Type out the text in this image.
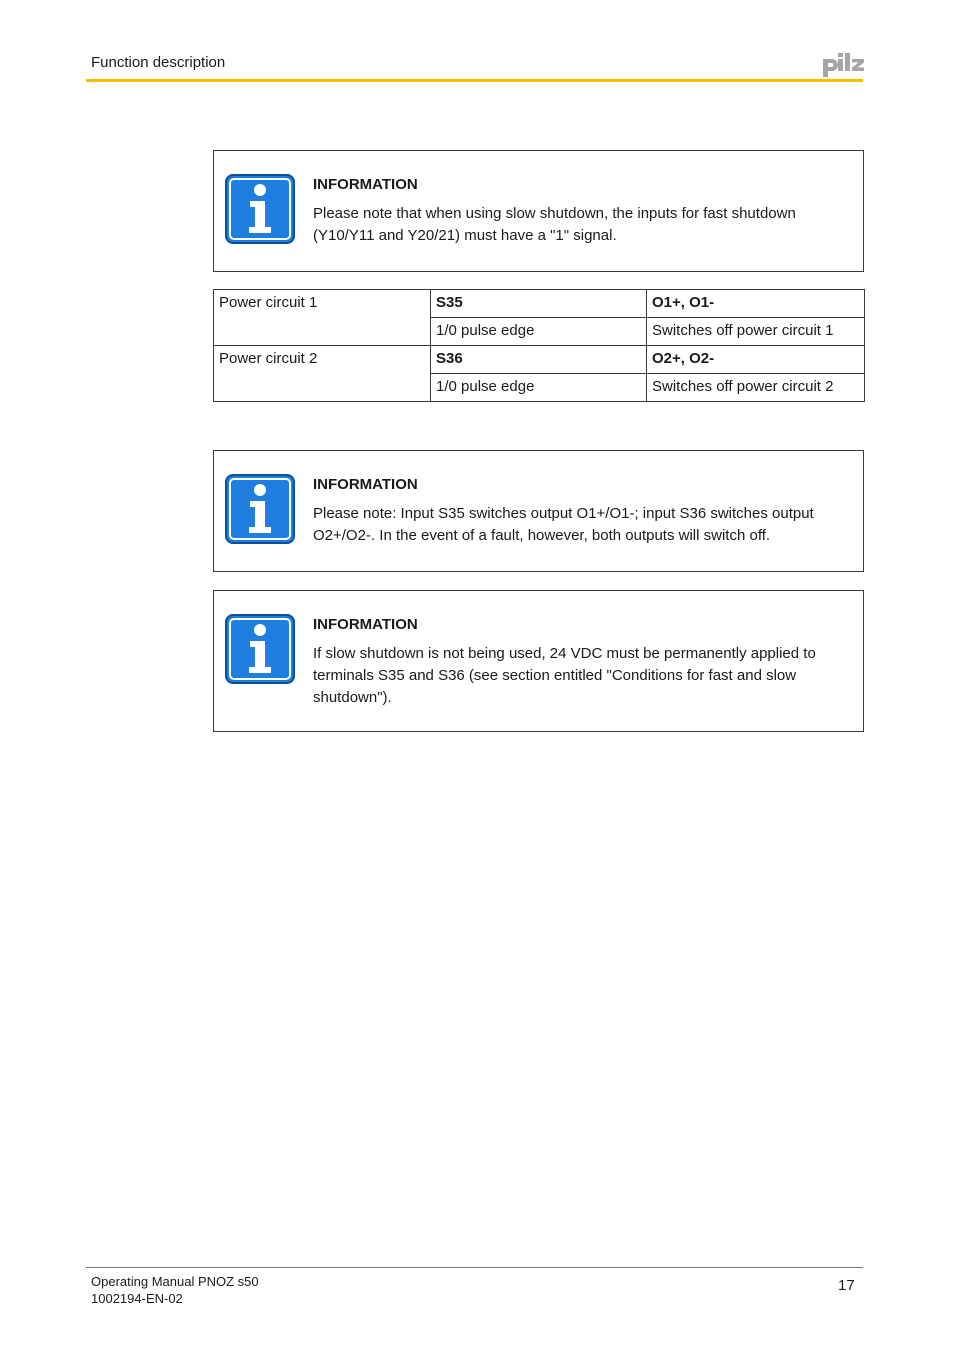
Function description
INFORMATION
Please note that when using slow shutdown, the inputs for fast shutdown (Y10/Y11 and Y20/21) must have a "1" signal.
Power circuit 1	S35	O1+, O1-
	1/0 pulse edge	Switches off power circuit 1
Power circuit 2	S36	O2+, O2-
	1/0 pulse edge	Switches off power circuit 2
INFORMATION
Please note: Input S35 switches output O1+/O1-; input S36 switches output O2+/O2-. In the event of a fault, however, both outputs will switch off.
INFORMATION
If slow shutdown is not being used, 24 VDC must be permanently applied to terminals S35 and S36 (see section entitled "Conditions for fast and slow shutdown").
Operating Manual PNOZ s50
1002194-EN-02
17
